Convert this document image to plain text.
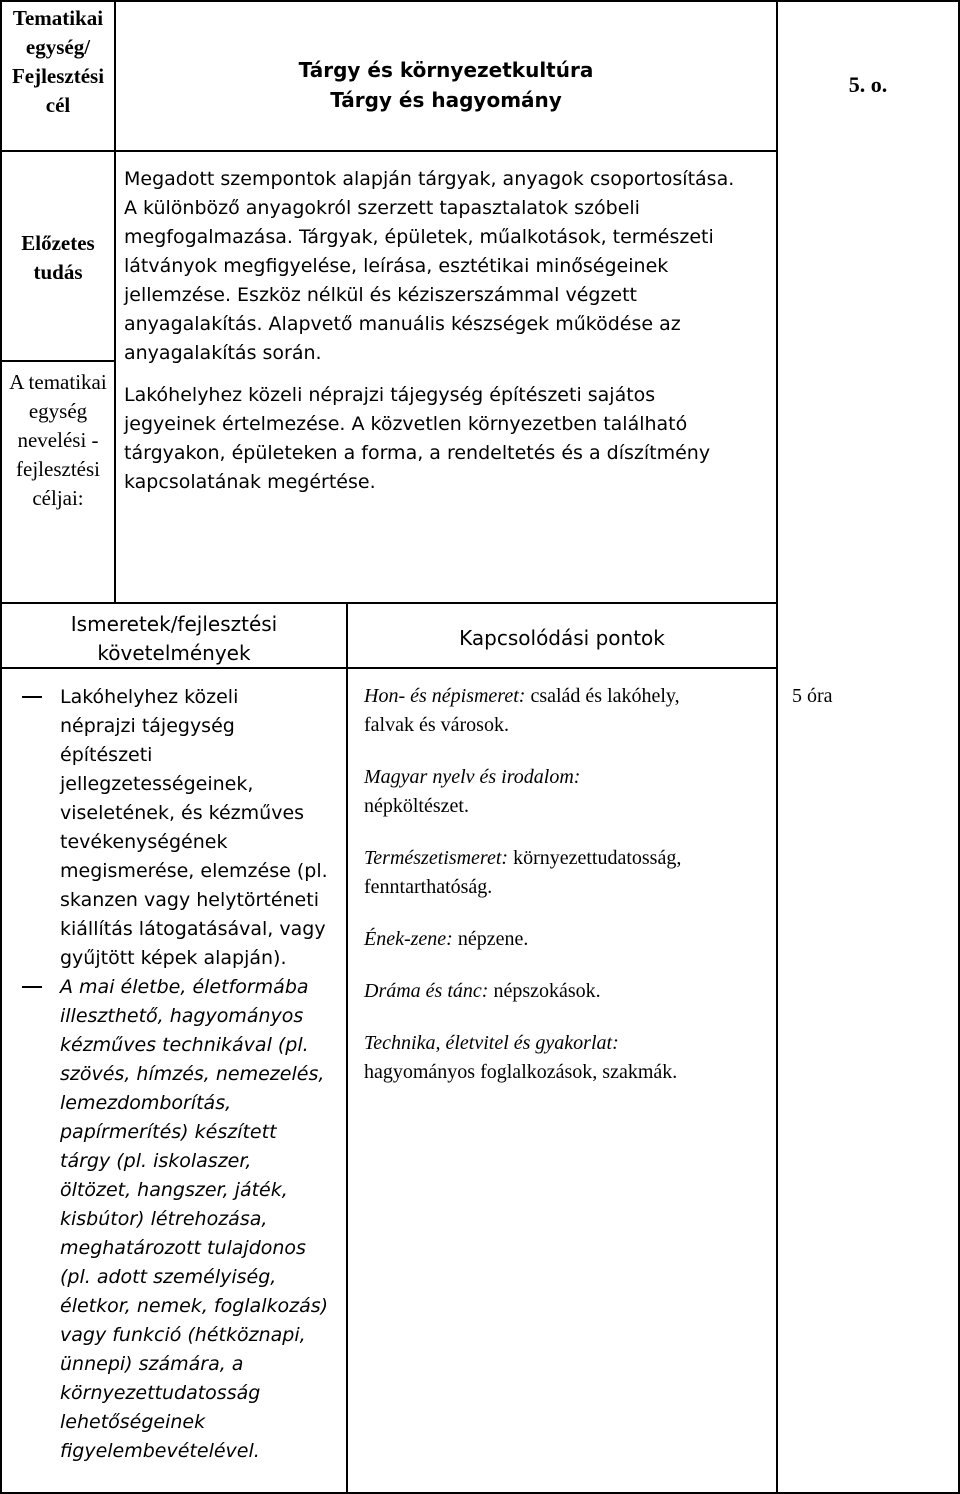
Tematikai egység/ Fejlesztési cél
Tárgy és környezetkultúra
Tárgy és hagyomány
5. o.
Előzetes tudás
Megadott szempontok alapján tárgyak, anyagok csoportosítása.
A különböző anyagokról szerzett tapasztalatok szóbeli
megfogalmazása. Tárgyak, épületek, műalkotások, természeti
látványok megfigyelése, leírása, esztétikai minőségeinek
jellemzése. Eszköz nélkül és kéziszerszámmal végzett
anyagalakítás. Alapvető manuális készségek működése az
anyagalakítás során.
A tematikai egység nevelési - fejlesztési céljai:
Lakóhelyhez közeli néprajzi tájegység építészeti sajátos
jegyeinek értelmezése. A közvetlen környezetben található
tárgyakon, épületeken a forma, a rendeltetés és a díszítmény
kapcsolatának megértése.
Ismeretek/fejlesztési
követelmények
Kapcsolódási pontok
Lakóhelyhez közeli
néprajzi tájegység
építészeti
jellegzetességeinek,
viseletének, és kézműves
tevékenységének
megismerése, elemzése (pl.
skanzen vagy helytörténeti
kiállítás látogatásával, vagy
gyűjtött képek alapján).
A mai életbe, életformába
illeszthető, hagyományos
kézműves technikával (pl.
szövés, hímzés, nemezelés,
lemezdomborítás,
papírmerítés) készített
tárgy (pl. iskolaszer,
öltözet, hangszer, játék,
kisbútor) létrehozása,
meghatározott tulajdonos
(pl. adott személyiség,
életkor, nemek, foglalkozás)
vagy funkció (hétköznapi,
ünnepi) számára, a
környezettudatosság
lehetőségeinek
figyelembevételével.
Hon- és népismeret: család és lakóhely,
falvak és városok.
Magyar nyelv és irodalom:
népköltészet.
Természetismeret: környezettudatosság,
fenntarthatóság.
Ének-zene: népzene.
Dráma és tánc: népszokások.
Technika, életvitel és gyakorlat:
hagyományos foglalkozások, szakmák.
5 óra
